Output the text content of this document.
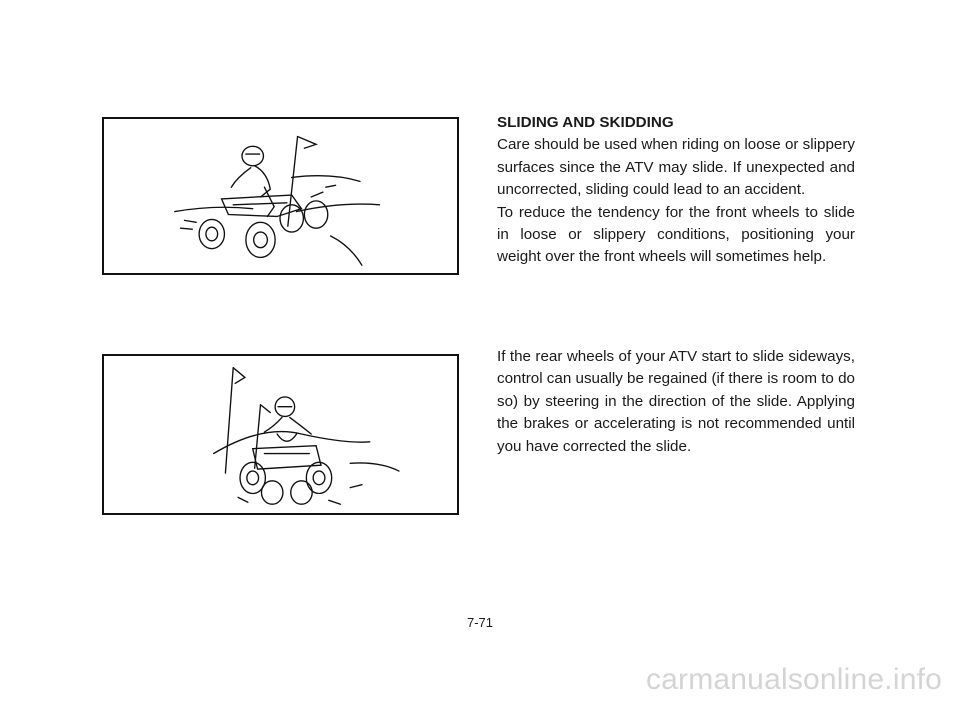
SLIDING AND SKIDDING

Care should be used when riding on loose or slippery surfaces since the ATV may slide. If unexpected and uncorrected, sliding could lead to an accident.

To reduce the tendency for the front wheels to slide in loose or slippery conditions, positioning your weight over the front wheels will sometimes help.

If the rear wheels of your ATV start to slide sideways, control can usually be regained (if there is room to do so) by steering in the direction of the slide. Applying the brakes or accelerating is not recommended until you have corrected the slide.

7-71
carmanualsonline.info
